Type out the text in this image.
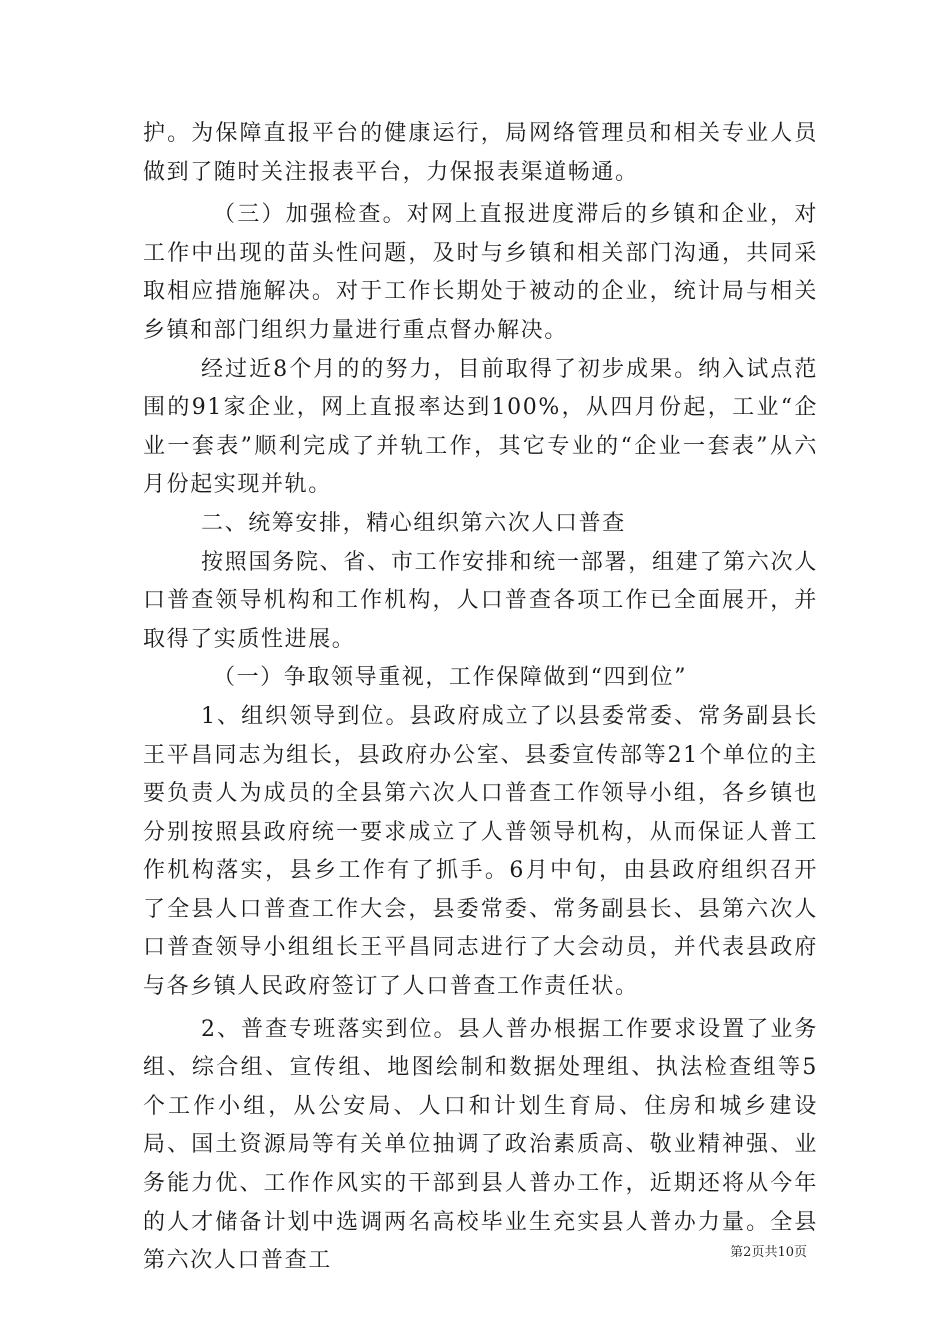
护。为保障直报平台的健康运行，局网络管理员和相关专业人员做到了随时关注报表平台，力保报表渠道畅通。

（三）加强检查。对网上直报进度滞后的乡镇和企业，对工作中出现的苗头性问题，及时与乡镇和相关部门沟通，共同采取相应措施解决。对于工作长期处于被动的企业，统计局与相关乡镇和部门组织力量进行重点督办解决。

经过近8个月的的努力，目前取得了初步成果。纳入试点范围的91家企业，网上直报率达到100%，从四月份起，工业“企业一套表”顺利完成了并轨工作，其它专业的“企业一套表”从六月份起实现并轨。

二、统筹安排，精心组织第六次人口普查

按照国务院、省、市工作安排和统一部署，组建了第六次人口普查领导机构和工作机构，人口普查各项工作已全面展开，并取得了实质性进展。

（一）争取领导重视，工作保障做到“四到位”

1、组织领导到位。县政府成立了以县委常委、常务副县长王平昌同志为组长，县政府办公室、县委宣传部等21个单位的主要负责人为成员的全县第六次人口普查工作领导小组，各乡镇也分别按照县政府统一要求成立了人普领导机构，从而保证人普工作机构落实，县乡工作有了抓手。6月中旬，由县政府组织召开了全县人口普查工作大会，县委常委、常务副县长、县第六次人口普查领导小组组长王平昌同志进行了大会动员，并代表县政府与各乡镇人民政府签订了人口普查工作责任状。

2、普查专班落实到位。县人普办根据工作要求设置了业务组、综合组、宣传组、地图绘制和数据处理组、执法检查组等5个工作小组，从公安局、人口和计划生育局、住房和城乡建设局、国土资源局等有关单位抽调了政治素质高、敬业精神强、业务能力优、工作作风实的干部到县人普办工作，近期还将从今年的人才储备计划中选调两名高校毕业生充实县人普办力量。全县第六次人口普查工	第2页共10页
